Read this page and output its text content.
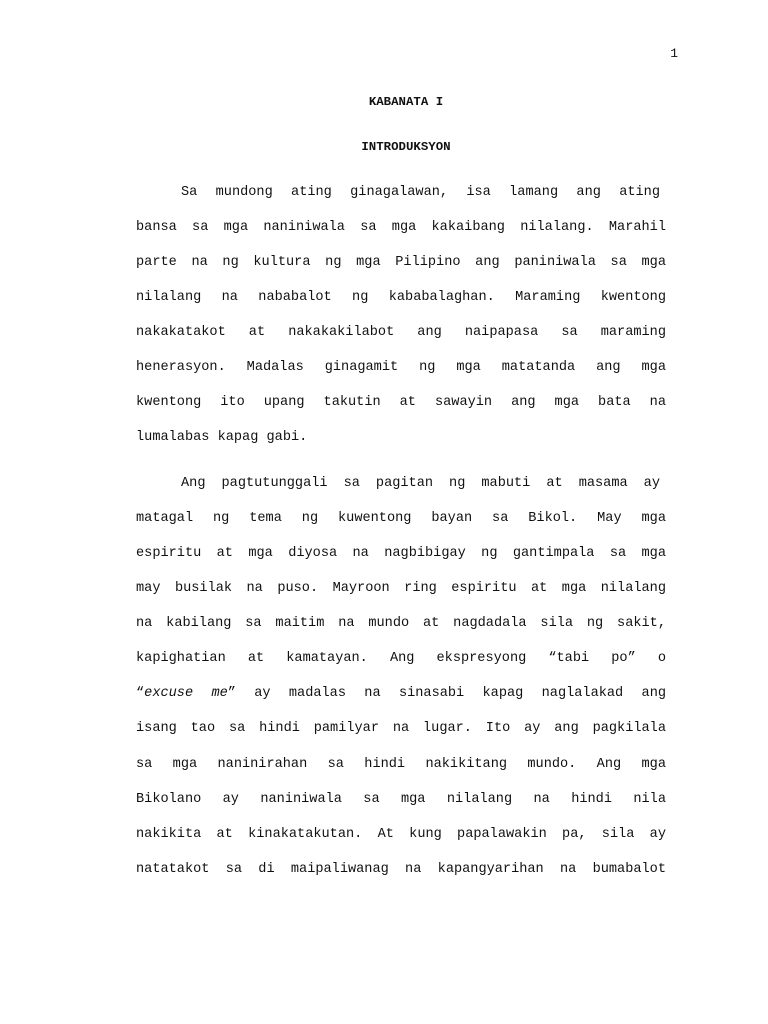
1

KABANATA I
INTRODUKSYON

Sa mundong ating ginagalawan, isa lamang ang ating

bansa sa mga naniniwala sa mga kakaibang nilalang. Marahil

parte na ng kultura ng mga Pilipino ang paniniwala sa mga

nilalang na nababalot ng kababalaghan. Maraming kwentong

nakakatakot at nakakakilabot ang naipapasa sa maraming

henerasyon. Madalas ginagamit ng mga matatanda ang mga

kwentong ito upang takutin at sawayin ang mga bata na

lumalabas kapag gabi.

Ang pagtutunggali sa pagitan ng mabuti at masama ay

matagal ng tema ng kuwentong bayan sa Bikol. May mga

espiritu at mga diyosa na nagbibigay ng gantimpala sa mga

may busilak na puso. Mayroon ring espiritu at mga nilalang

na kabilang sa maitim na mundo at nagdadala sila ng sakit,

kapighatian at kamatayan. Ang ekspresyong “tabi po” o

“excuse me” ay madalas na sinasabi kapag naglalakad ang

isang tao sa hindi pamilyar na lugar. Ito ay ang pagkilala

sa mga naninirahan sa hindi nakikitang mundo. Ang mga

Bikolano ay naniniwala sa mga nilalang na hindi nila

nakikita at kinakatakutan. At kung papalawakin pa, sila ay

natatakot sa di maipaliwanag na kapangyarihan na bumabalot
